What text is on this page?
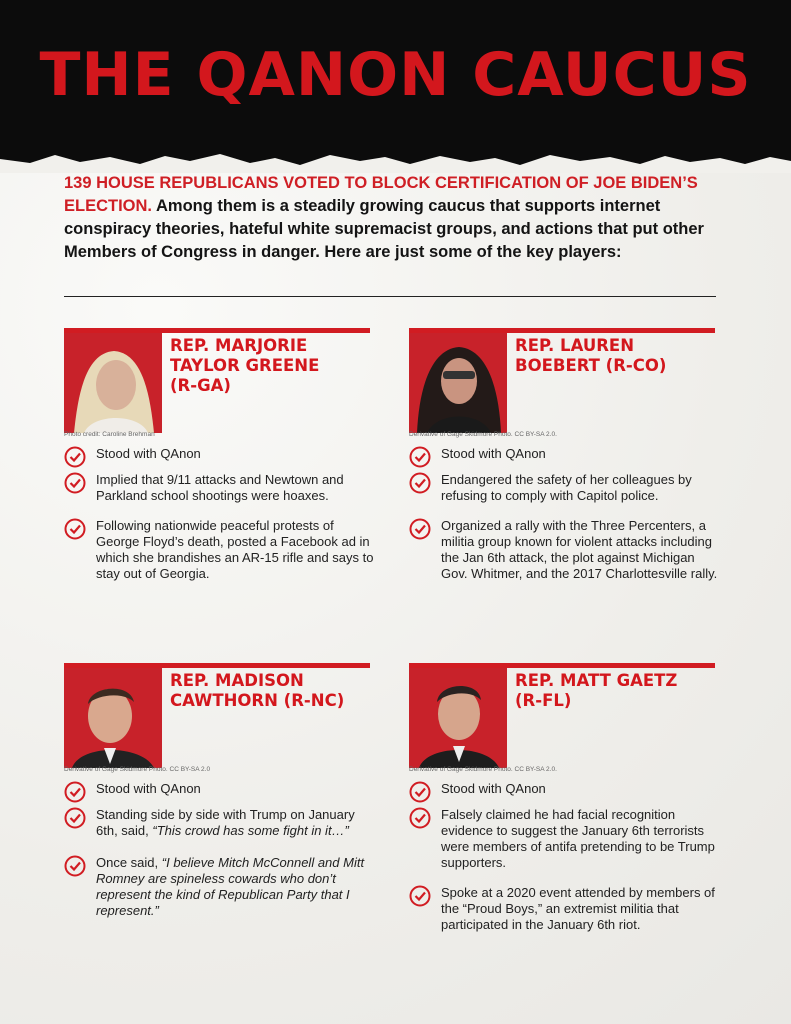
THE QANON CAUCUS
139 HOUSE REPUBLICANS VOTED TO BLOCK CERTIFICATION OF JOE BIDEN’S ELECTION. Among them is a steadily growing caucus that supports internet conspiracy theories, hateful white supremacist groups, and actions that put other Members of Congress in danger. Here are just some of the key players:
Photo credit: Caroline Brehman
REP. MARJORIE
TAYLOR GREENE
(R-GA)
Stood with QAnon
Implied that 9/11 attacks and Newtown and Parkland school shootings were hoaxes.
Following nationwide peaceful protests of George Floyd’s death, posted a Facebook ad in which she brandishes an AR-15 rifle and says to stay out of Georgia.
Derivative of Gage Skidmore Photo. CC BY-SA 2.0.
REP. LAUREN
BOEBERT (R-CO)
Stood with QAnon
Endangered the safety of her colleagues by refusing to comply with Capitol police.
Organized a rally with the Three Percenters, a militia group known for violent attacks including the Jan 6th attack, the plot against Michigan Gov. Whitmer, and the 2017 Charlottesville rally.
Derivative of Gage Skidmore Photo. CC BY-SA 2.0
REP. MADISON
CAWTHORN (R-NC)
Stood with QAnon
Standing side by side with Trump on January 6th, said, “This crowd has some fight in it…”
Once said, “I believe Mitch McConnell and Mitt Romney are spineless cowards who don’t represent the kind of Republican Party that I represent.”
Derivative of Gage Skidmore Photo. CC BY-SA 2.0.
REP. MATT GAETZ
(R-FL)
Stood with QAnon
Falsely claimed he had facial recognition evidence to suggest the January 6th terrorists were members of antifa pretending to be Trump supporters.
Spoke at a 2020 event attended by members of the “Proud Boys,” an extremist militia that participated in the January 6th riot.
